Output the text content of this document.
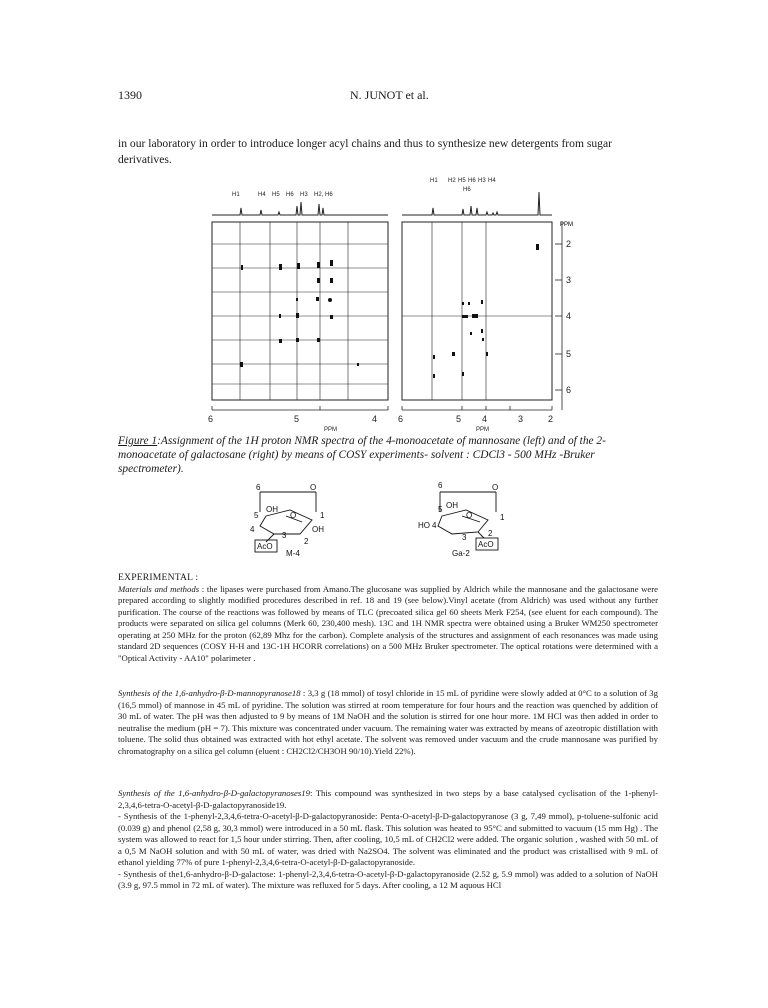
1390	N. JUNOT et al.
in our laboratory in order to introduce longer acyl chains and thus to synthesize new detergents from sugar derivatives.
H1	H4 H5 H6 H3 H2, H6
H1 H2 H5 H6 H3 H4
H6
PPM
2
3
4
5
6
6	5	4 6	5 4	3	2
PPM	PPM
Figure 1:Assignment of the 1H proton NMR spectra of the 4-monoacetate of mannosane (left) and of the 2-monoacetate of galactosane (right) by means of COSY experiments- solvent : CDCl3 - 500 MHz -Bruker spectrometer).
6	O
5
OH
O	1
4	OH
3
2
AcO
M-4
6	O
5 OH
O	1
HO 4
3	2
AcO
Ga-2

EXPERIMENTAL :

Materials and methods : the lipases were purchased from Amano.The glucosane was supplied by Aldrich while the mannosane and the galactosane were prepared according to slightly modified procedures described in ref. 18 and 19 (see below).Vinyl acetate (from Aldrich) was used without any further purification. The course of the reactions was followed by means of TLC (precoated silica gel 60 sheets Merk F254, (see eluent for each compound). The products were separated on silica gel columns (Merk 60, 230,400 mesh). 13C and 1H NMR spectra were obtained using a Bruker WM250 spectrometer operating at 250 MHz for the proton (62,89 Mhz for the carbon). Complete analysis of the structures and assignment of each resonances was made using standard 2D sequences (COSY H-H and 13C-1H HCORR correlations) on a 500 MHz Bruker spectrometer. The optical rotations were determined with a "Optical Activity - AA10" polarimeter .

Synthesis of the 1,6-anhydro-β-D-mannopyranose18 : 3,3 g (18 mmol) of tosyl chloride in 15 mL of pyridine were slowly added at 0°C to a solution of 3g (16,5 mmol) of mannose in 45 mL of pyridine. The solution was stirred at room temperature for four hours and the reaction was quenched by addition of 30 mL of water. The pH was then adjusted to 9 by means of 1M NaOH and the solution is stirred for one hour more. 1M HCl was then added in order to neutralise the medium (pH = 7). This mixture was concentrated under vacuum. The remaining water was extracted by means of azeotropic distillation with toluene. The solid thus obtained was extracted with hot ethyl acetate. The solvent was removed under vacuum and the crude mannosane was purified by chromatography on a silica gel column (eluent : CH2Cl2/CH3OH 90/10).Yield 22%).

Synthesis of the 1,6-anhydro-β-D-galactopyranoses19: This compound was synthesized in two steps by a base catalysed cyclisation of the 1-phenyl-2,3,4,6-tetra-O-acetyl-β-D-galactopyranoside19.

- Synthesis of the 1-phenyl-2,3,4,6-tetra-O-acetyl-β-D-galactopyranoside: Penta-O-acetyl-β-D-galactopyranose (3 g, 7,49 mmol), p-toluene-sulfonic acid (0.039 g) and phenol (2,58 g, 30,3 mmol) were introduced in a 50 mL flask. This solution was heated to 95°C and submitted to vacuum (15 mm Hg) . The system was allowed to react for 1,5 hour under stirring. Then, after cooling, 10,5 mL of CH2Cl2 were added. The organic solution , washed with 50 mL of a 0,5 M NaOH solution and with 50 mL of water, was dried with Na2SO4. The solvent was eliminated and the product was cristallised with 9 mL of ethanol yielding 77% of pure 1-phenyl-2,3,4,6-tetra-O-acetyl-β-D-galactopyranoside.

- Synthesis of the1,6-anhydro-β-D-galactose: 1-phenyl-2,3,4,6-tetra-O-acetyl-β-D-galactopyranoside (2.52 g, 5.9 mmol) was added to a solution of NaOH (3.9 g, 97.5 mmol in 72 mL of water). The mixture was refluxed for 5 days. After cooling, a 12 M aquous HCl
